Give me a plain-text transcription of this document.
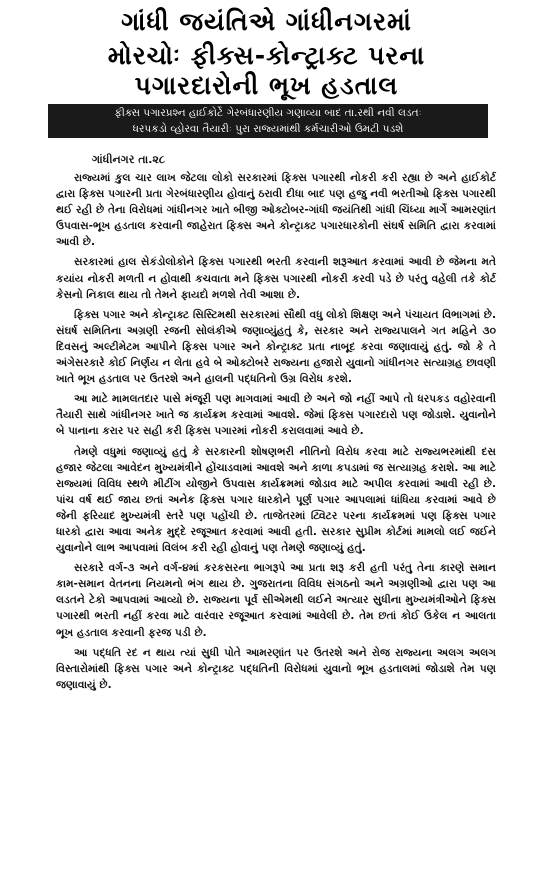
ગાંધી જયંતિએ ગાંધીનગરમાં
મોરચોઃ ફીક્સ-કોન્ટ્રાક્ટ પરના
પગારદારોની ભૂખ હડતાલ
ફીક્સ પગારપ્રશ્ન હાઈકોર્ટે ગેરબંધારણીય ગણાવ્યા બાદ તા.રથી નવી લડતઃ
ધરપકડો વ્હોરવા તૈયારીઃ પુરા રાજ્યમાંથી કર્મચારીઓ ઉમટી પડશે
ગાંધીનગર તા.૨૮

રાજ્યમાં કુલ ચાર લાખ જેટલા લોકો સરકારમાં ફિક્સ પગારથી નોકરી કરી રહ્યા છે અને હાઈકોર્ટ દ્વારા ફિક્સ પગારની પ્રતા ગેરબંધારણીય હોવાનું ઠરાવી દીધા બાદ પણ હજુ નવી ભરતીઓ ફિક્સ પગારથી થઈ રહી છે તેના વિરોધમાં ગાંધીનગર ખાતે બીજી ઓક્ટોબર-ગાંધી જયંતિથી ગાંધી ચિંધ્યા માર્ગે આમરણાંત ઉપવાસ-ભૂખ હડતાલ કરવાની જાહેરાત ફિક્સ અને કોન્ટ્રાક્ટ પગારધારકોની સંઘર્ષ સમિતિ દ્વારા કરવામાં આવી છે.

સરકારમાં હાલ સેકંડોલોકોને ફિક્સ પગારથી ભરતી કરવાની શરૂઆત કરવામાં આવી છે જેમના મતે કયાંય નોકરી મળતી ન હોવાથી કચવાતા મને ફિક્સ પગારથી નોકરી કરવી પડે છે પરંતુ વહેલી તકે કોર્ટ કેસનો નિકાલ થાય તો તેમને ફાયદો મળશે તેવી આશા છે.

ફિક્સ પગાર અને કોન્ટ્રાક્ટ સિસ્ટિમથી સરકારમાં સૌથી વધુ લોકો શિક્ષણ અને પંચાયત વિભાગમાં છે. સંઘર્ષ સમિતિના અગ્રણી રજની સોલંકીએ જણાવ્યુંહતું કે, સરકાર અને રાજ્યપાલને ગત મહિને ૩૦ દિવસનું અલ્ટીમેટમ આપીને ફિક્સ પગાર અને કોન્ટ્રાક્ટ પ્રતા નાબૂદ કરવા જણાવાયું હતું. જો કે તે અંગેસરકારે કોઈ નિર્ણય ન લેતા હવે બે ઓક્ટોબરે રાજ્યના હજારો યુવાનો ગાંધીનગર સત્યાગ્રહ છાવણી ખાતે ભૂખ હડતાલ પર ઉતરશે અને હાલની પદ્ધતિનો ઉગ્ર વિરોધ કરશે.

આ માટે મામલતદાર પાસે મંજૂરી પણ માગવામાં આવી છે અને જો નહીં આપે તો ધરપકડ વહોરવાની તૈયારી સાથે ગાંધીનગર ખાતે જ કાર્યક્રમ કરવામાં આવશે. જેમાં ફિક્સ પગારદારો પણ જોડાશે. યુવાનોને બે પાનાના કરાર પર સહી કરી ફિક્સ પગારમાં નોકરી કરાલવામાં આવે છે.

તેમણે વધુમાં જણાવ્યું હતું કે સરકારની શોષણભરી નીતિનો વિરોધ કરવા માટે રાજ્યભરમાંથી દસ હજાર જેટલા આવેદન મુખ્યમંત્રીને હોંચાડવામાં આવશે અને કાળા કપડામાં જ સત્યાગ્રહ કરાશે. આ માટે રાજ્યમાં વિવિધ સ્થળે મીટીંગ યોજીને ઉપવાસ કાર્યક્રમમાં જોડાવ માટે અપીલ કરવામાં આવી રહી છે. પાંચ વર્ષ થઈ જાય છતાં અનેક ફિક્સ પગાર ધારકોને પૂર્ણ પગાર આપલામાં ધાંધિયા કરવામાં આવે છે જેની ફરિયાદ મુખ્યમંત્રી સ્તરે પણ પહોંચી છે. તાજેતરમાં ટ્વિટર પરના કાર્યક્રમમાં પણ ફિક્સ પગાર ધારકો દ્વારા આવા અનેક મુદ્દે રજૂઆત કરવામાં આવી હતી. સરકાર સુપ્રીમ કોર્ટમાં મામલો લઈ જઈને યુવાનોને લાભ આપવામાં વિલંબ કરી રહી હોવાનું પણ તેમણે જણાવ્યું હતું.

સરકારે વર્ગ-૩ અને વર્ગ-૪માં કરકસરના ભાગરૂપે આ પ્રતા શરૂ કરી હતી પરંતુ તેના કારણે સમાન કામ-સમાન વેતનના નિયમનો ભંગ થાય છે. ગુજરાતના વિવિધ સંગઠનો અને અગ્રણીઓ દ્વારા પણ આ લડતને ટેકો આપવામાં આવ્યો છે. રાજ્યના પૂર્વ સીએમથી લઈને અત્યાર સુધીના મુખ્યમંત્રીઓને ફિક્સ પગારથી ભરતી નહીં કરવા માટે વારંવાર રજૂઆત કરવામાં આવેલી છે. તેમ છતાં કોઈ ઉકેલ ન આલતા ભૂખ હડતાલ કરવાની ફરજ પડી છે.

આ પદ્ધતિ રદ ન થાય ત્યાં સુધી પોતે આમરણાંત પર ઉતરશે અને રોજ રાજ્યના અલગ અલગ વિસ્તારોમાંથી ફિક્સ પગાર અને કોન્ટ્રાક્ટ પદ્ધતિની વિરોધમાં યુવાનો ભૂખ હડતાલમાં જોડાશે તેમ પણ જણાવાયું છે.
